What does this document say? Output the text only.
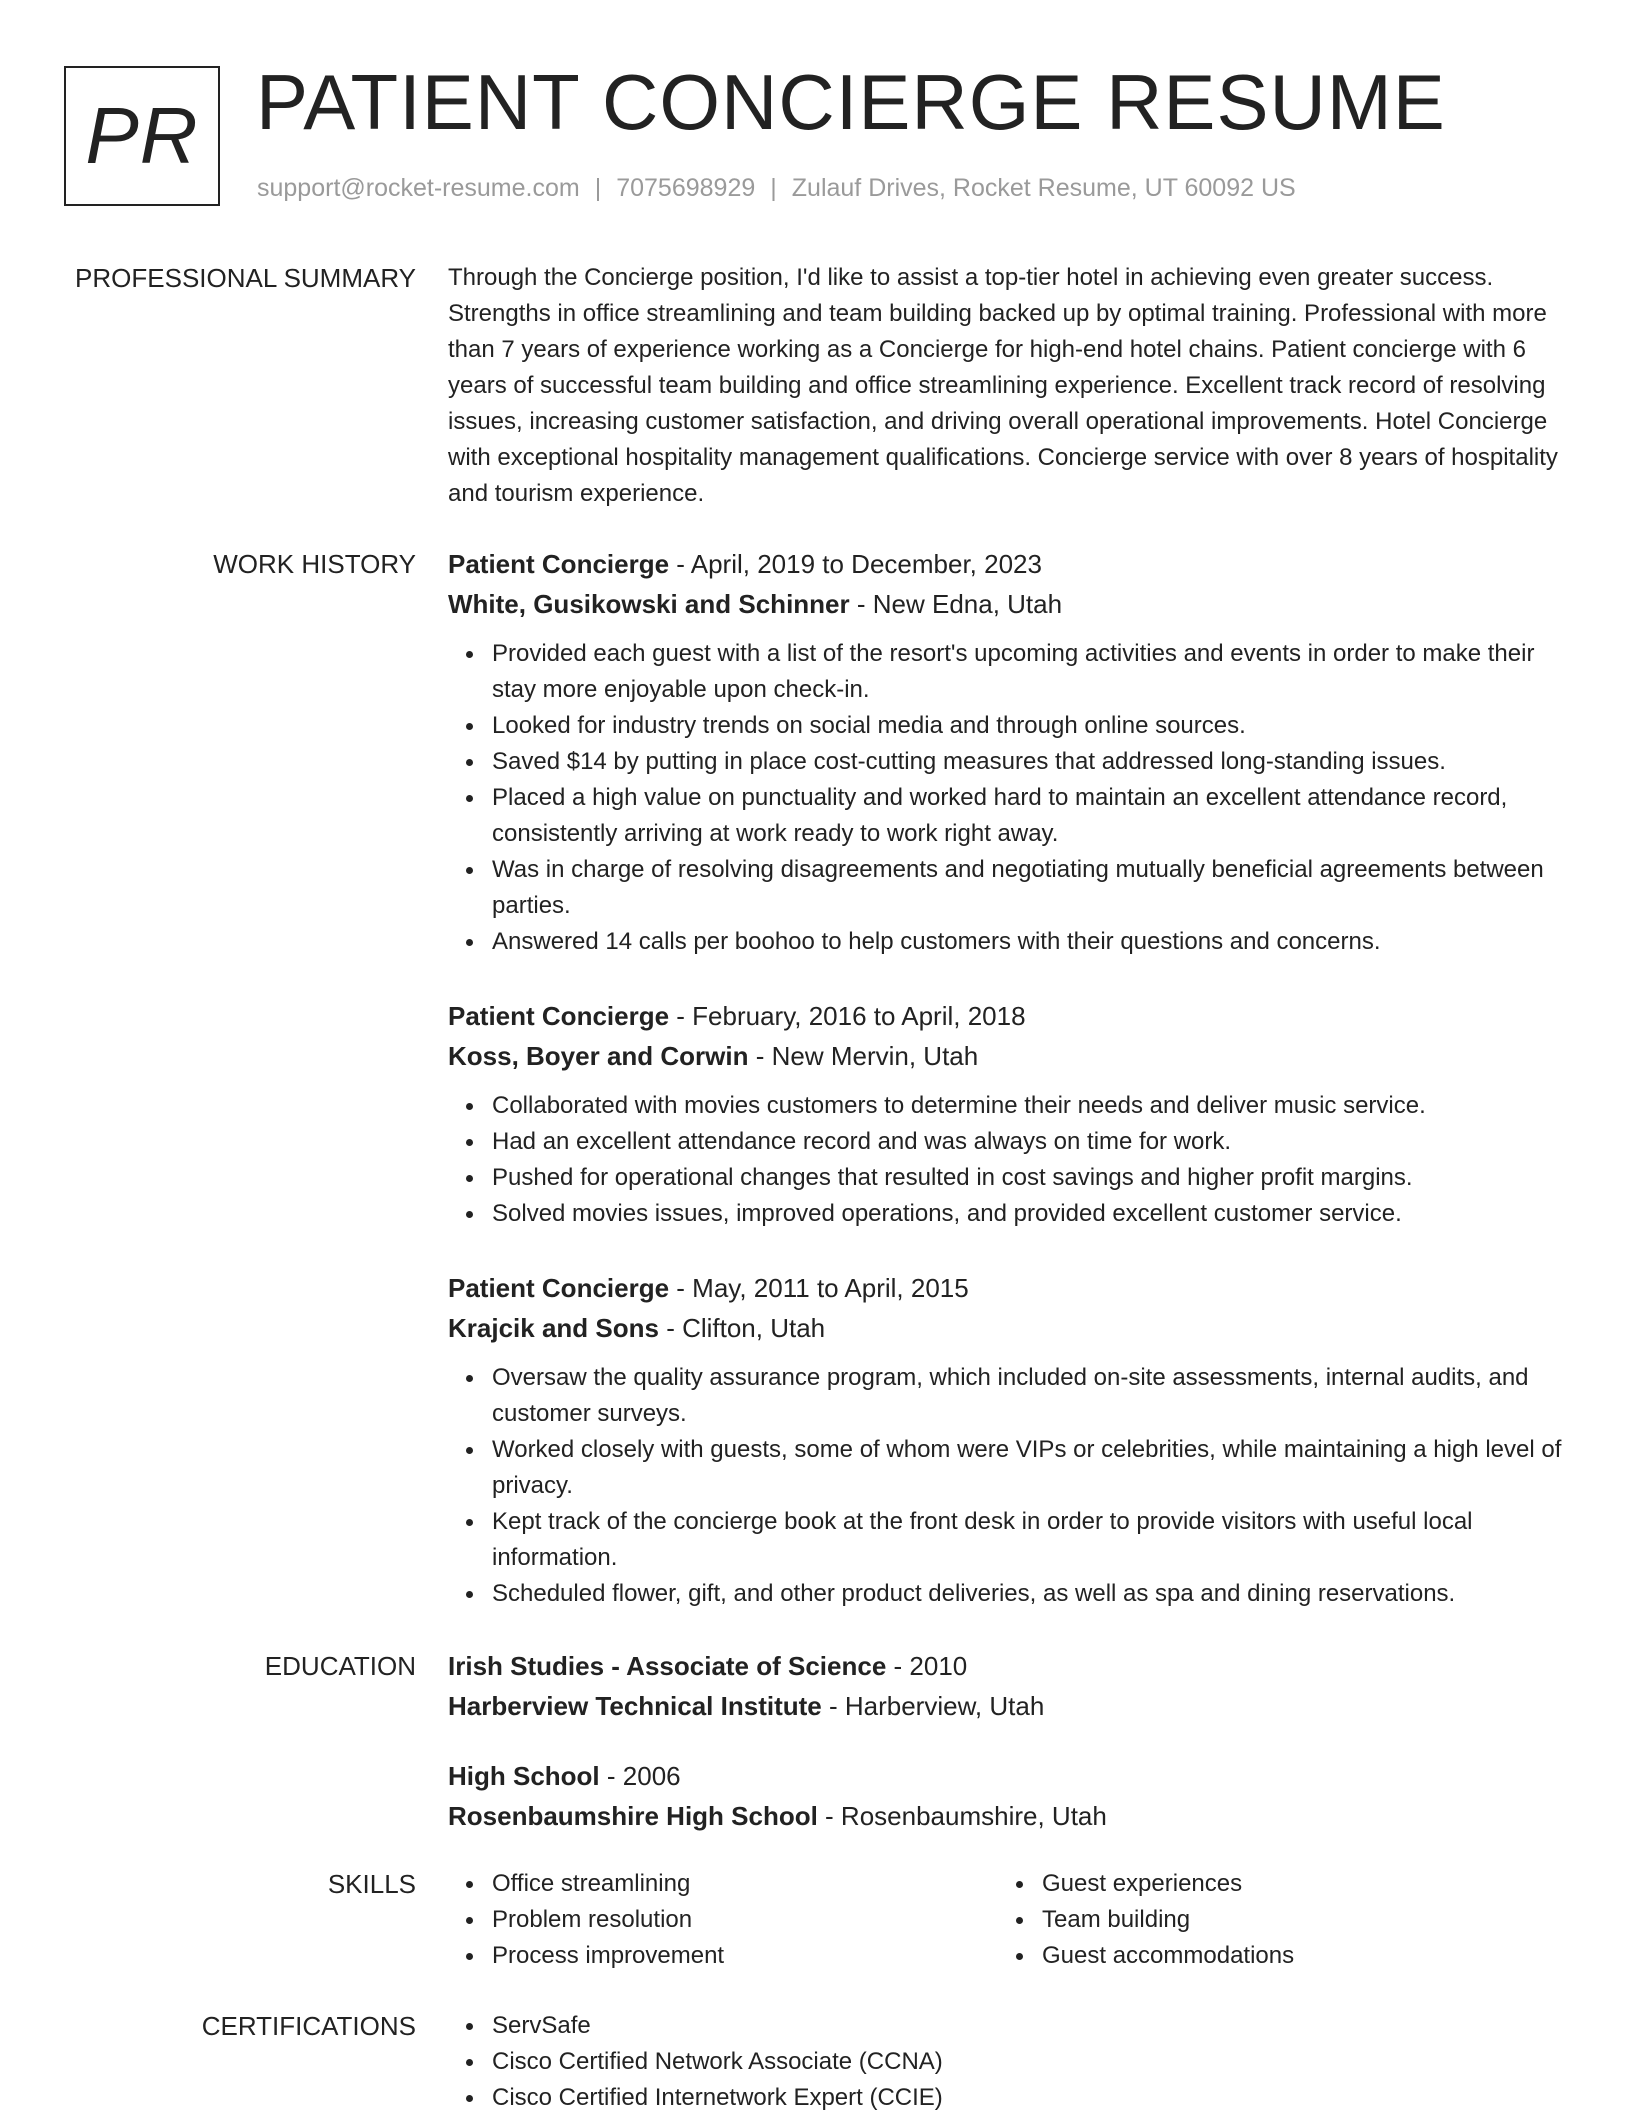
PR PATIENT CONCIERGE RESUME
support@rocket-resume.com | 7075698929 | Zulauf Drives, Rocket Resume, UT 60092 US
PROFESSIONAL SUMMARY Through the Concierge position, I'd like to assist a top-tier hotel in achieving even greater success. Strengths in office streamlining and team building backed up by optimal training. Professional with more than 7 years of experience working as a Concierge for high-end hotel chains. Patient concierge with 6 years of successful team building and office streamlining experience. Excellent track record of resolving issues, increasing customer satisfaction, and driving overall operational improvements. Hotel Concierge with exceptional hospitality management qualifications. Concierge service with over 8 years of hospitality and tourism experience.

WORK HISTORY Patient Concierge - April, 2019 to December, 2023
White, Gusikowski and Schinner - New Edna, Utah
Provided each guest with a list of the resort's upcoming activities and events in order to make their stay more enjoyable upon check-in.
Looked for industry trends on social media and through online sources.
Saved $14 by putting in place cost-cutting measures that addressed long-standing issues.
Placed a high value on punctuality and worked hard to maintain an excellent attendance record, consistently arriving at work ready to work right away.
Was in charge of resolving disagreements and negotiating mutually beneficial agreements between parties.
Answered 14 calls per boohoo to help customers with their questions and concerns.
Patient Concierge - February, 2016 to April, 2018
Koss, Boyer and Corwin - New Mervin, Utah
Collaborated with movies customers to determine their needs and deliver music service.
Had an excellent attendance record and was always on time for work.
Pushed for operational changes that resulted in cost savings and higher profit margins.
Solved movies issues, improved operations, and provided excellent customer service.
Patient Concierge - May, 2011 to April, 2015
Krajcik and Sons - Clifton, Utah
Oversaw the quality assurance program, which included on-site assessments, internal audits, and customer surveys.
Worked closely with guests, some of whom were VIPs or celebrities, while maintaining a high level of privacy.
Kept track of the concierge book at the front desk in order to provide visitors with useful local information.
Scheduled flower, gift, and other product deliveries, as well as spa and dining reservations.
EDUCATION Irish Studies - Associate of Science - 2010
Harberview Technical Institute - Harberview, Utah
High School - 2006
Rosenbaumshire High School - Rosenbaumshire, Utah
SKILLS	Office streamlining
Problem resolution
Process improvement
Guest experiences
Team building
Guest accommodations
CERTIFICATIONS	ServSafe
Cisco Certified Network Associate (CCNA)
Cisco Certified Internetwork Expert (CCIE)
